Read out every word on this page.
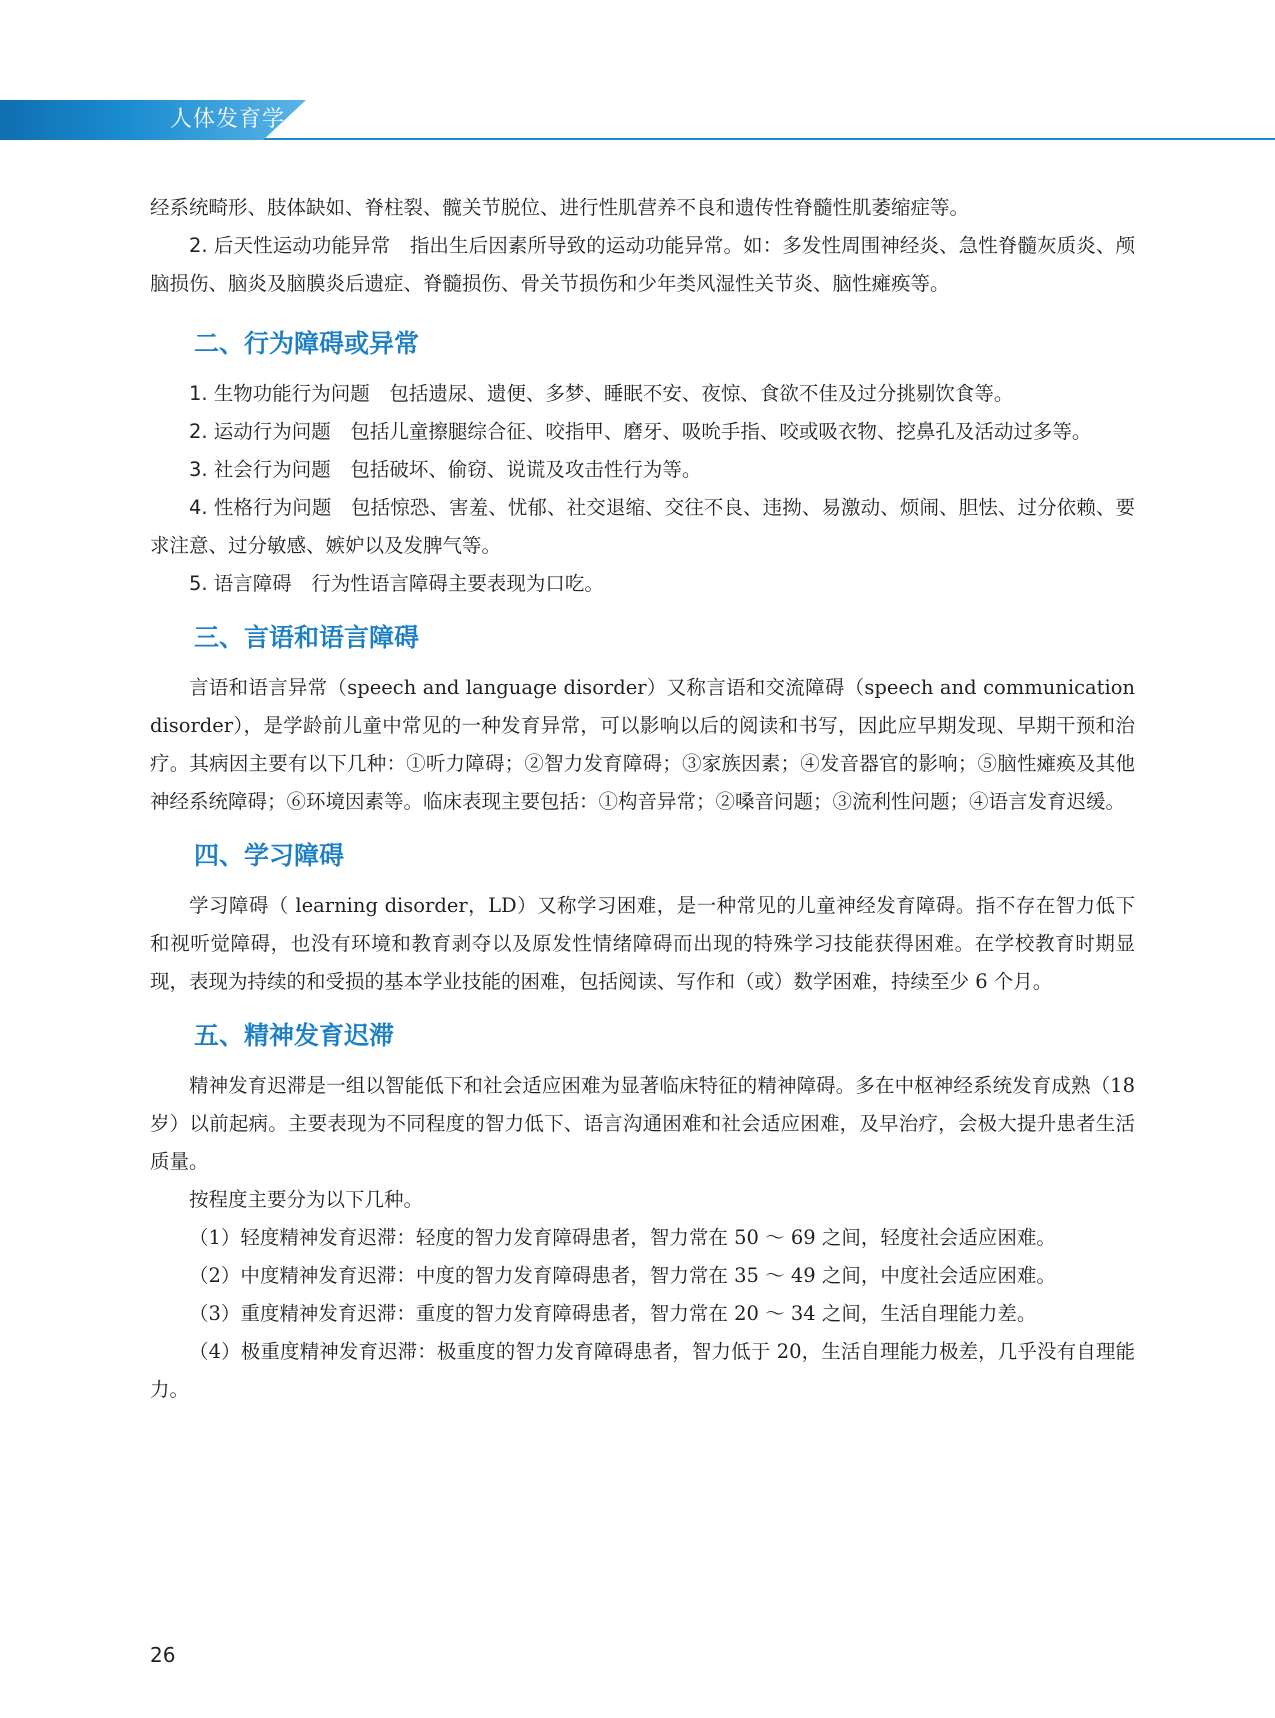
人体发育学

经系统畸形、肢体缺如、脊柱裂、髋关节脱位、进行性肌营养不良和遗传性脊髓性肌萎缩症等。

2. 后天性运动功能异常 指出生后因素所导致的运动功能异常。如：多发性周围神经炎、急性脊髓灰质炎、颅脑损伤、脑炎及脑膜炎后遗症、脊髓损伤、骨关节损伤和少年类风湿性关节炎、脑性瘫痪等。

二、行为障碍或异常

1. 生物功能行为问题 包括遗尿、遗便、多梦、睡眠不安、夜惊、食欲不佳及过分挑剔饮食等。

2. 运动行为问题 包括儿童擦腿综合征、咬指甲、磨牙、吸吮手指、咬或吸衣物、挖鼻孔及活动过多等。

3. 社会行为问题 包括破坏、偷窃、说谎及攻击性行为等。

4. 性格行为问题 包括惊恐、害羞、忧郁、社交退缩、交往不良、违拗、易激动、烦闹、胆怯、过分依赖、要求注意、过分敏感、嫉妒以及发脾气等。

5. 语言障碍 行为性语言障碍主要表现为口吃。

三、言语和语言障碍

言语和语言异常（speech and language disorder）又称言语和交流障碍（speech and communication disorder），是学龄前儿童中常见的一种发育异常，可以影响以后的阅读和书写，因此应早期发现、早期干预和治疗。其病因主要有以下几种：①听力障碍；②智力发育障碍；③家族因素；④发音器官的影响；⑤脑性瘫痪及其他神经系统障碍；⑥环境因素等。临床表现主要包括：①构音异常；②嗓音问题；③流利性问题；④语言发育迟缓。

四、学习障碍

学习障碍（ learning disorder，LD）又称学习困难，是一种常见的儿童神经发育障碍。指不存在智力低下和视听觉障碍，也没有环境和教育剥夺以及原发性情绪障碍而出现的特殊学习技能获得困难。在学校教育时期显现，表现为持续的和受损的基本学业技能的困难，包括阅读、写作和（或）数学困难，持续至少 6 个月。

五、精神发育迟滞

精神发育迟滞是一组以智能低下和社会适应困难为显著临床特征的精神障碍。多在中枢神经系统发育成熟（18 岁）以前起病。主要表现为不同程度的智力低下、语言沟通困难和社会适应困难，及早治疗，会极大提升患者生活质量。

按程度主要分为以下几种。

（1）轻度精神发育迟滞：轻度的智力发育障碍患者，智力常在 50 ～ 69 之间，轻度社会适应困难。

（2）中度精神发育迟滞：中度的智力发育障碍患者，智力常在 35 ～ 49 之间，中度社会适应困难。

（3）重度精神发育迟滞：重度的智力发育障碍患者，智力常在 20 ～ 34 之间，生活自理能力差。

（4）极重度精神发育迟滞：极重度的智力发育障碍患者，智力低于 20，生活自理能力极差，几乎没有自理能力。

26
